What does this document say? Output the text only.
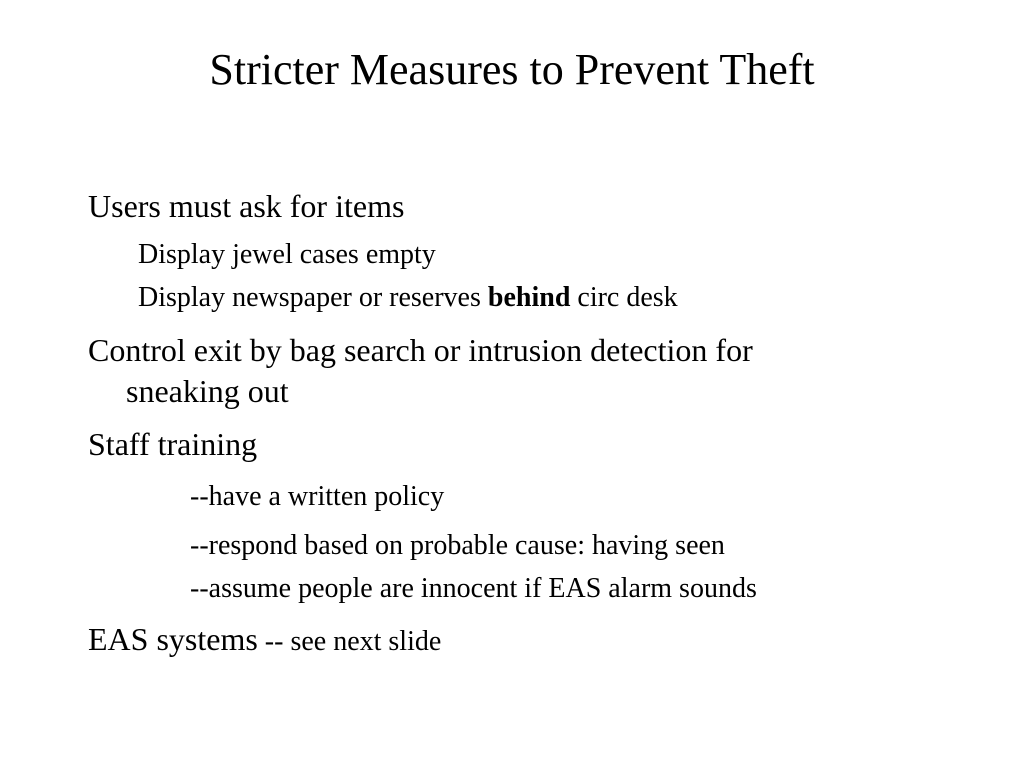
Stricter Measures to Prevent Theft
Users must ask for items
Display jewel cases empty
Display newspaper or reserves behind circ desk
Control exit by bag search or intrusion detection for
sneaking out
Staff training
--have a written policy
--respond based on probable cause: having seen
--assume people are innocent if EAS alarm sounds
EAS systems -- see next slide
